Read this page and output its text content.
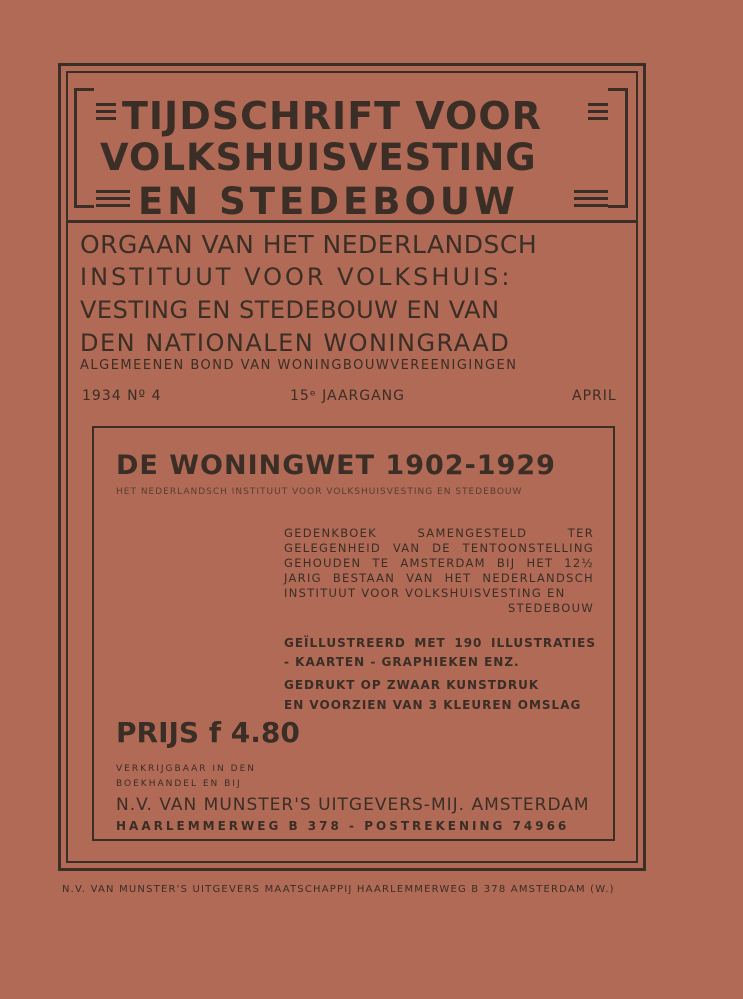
TIJDSCHRIFT VOOR
VOLKSHUISVESTING
EN STEDEBOUW
ORGAAN VAN HET NEDERLANDSCH
INSTITUUT VOOR VOLKSHUIS:
VESTING EN STEDEBOUW EN VAN
DEN NATIONALEN WONINGRAAD
ALGEMEENEN BOND VAN WONINGBOUWVEREENIGINGEN
1934 Nº 4	15ᵉ JAARGANG	APRIL
DE WONINGWET 1902-1929
HET NEDERLANDSCH INSTITUUT VOOR VOLKSHUISVESTING EN STEDEBOUW
GEDENKBOEK SAMENGESTELD TER GELEGENHEID VAN DE TENTOONSTELLING GEHOUDEN TE AMSTERDAM BIJ HET 12½ JARIG BESTAAN VAN HET NEDERLANDSCH INSTITUUT VOOR VOLKSHUISVESTING EN
STEDEBOUW
GEÏLLUSTREERD MET 190 ILLUSTRATIES - KAARTEN - GRAPHIEKEN ENZ.
GEDRUKT OP ZWAAR KUNSTDRUK
EN VOORZIEN VAN 3 KLEUREN OMSLAG
PRIJS f 4.80
VERKRIJGBAAR IN DEN
BOEKHANDEL EN BIJ
N.V. VAN MUNSTER'S UITGEVERS-MIJ. AMSTERDAM
HAARLEMMERWEG B 378 - POSTREKENING 74966
N.V. VAN MUNSTER'S UITGEVERS MAATSCHAPPIJ HAARLEMMERWEG B 378 AMSTERDAM (W.)
